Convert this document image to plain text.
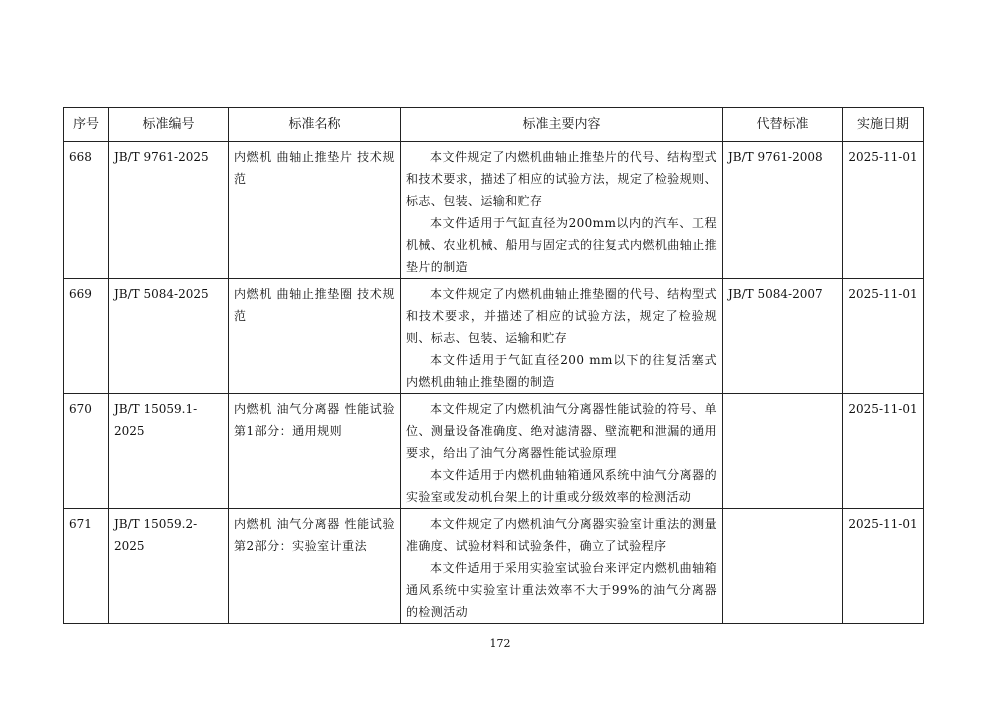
序号	标准编号	标准名称	标准主要内容	代替标准	实施日期
668	JB/T 9761-2025	内燃机 曲轴止推垫片 技术规范	本文件规定了内燃机曲轴止推垫片的代号、结构型式和技术要求，描述了相应的试验方法，规定了检验规则、标志、包装、运输和贮存

本文件适用于气缸直径为200mm以内的汽车、工程机械、农业机械、船用与固定式的往复式内燃机曲轴止推垫片的制造	JB/T 9761-2008	2025-11-01
669	JB/T 5084-2025	内燃机 曲轴止推垫圈 技术规范	本文件规定了内燃机曲轴止推垫圈的代号、结构型式和技术要求，并描述了相应的试验方法，规定了检验规则、标志、包装、运输和贮存

本文件适用于气缸直径200 mm以下的往复活塞式内燃机曲轴止推垫圈的制造	JB/T 5084-2007	2025-11-01
670	JB/T 15059.1-2025	内燃机 油气分离器 性能试验 第1部分：通用规则	本文件规定了内燃机油气分离器性能试验的符号、单位、测量设备准确度、绝对滤清器、壁流靶和泄漏的通用要求，给出了油气分离器性能试验原理

本文件适用于内燃机曲轴箱通风系统中油气分离器的实验室或发动机台架上的计重或分级效率的检测活动		2025-11-01
671	JB/T 15059.2-2025	内燃机 油气分离器 性能试验 第2部分：实验室计重法	本文件规定了内燃机油气分离器实验室计重法的测量准确度、试验材料和试验条件，确立了试验程序

本文件适用于采用实验室试验台来评定内燃机曲轴箱通风系统中实验室计重法效率不大于99%的油气分离器的检测活动		2025-11-01
172
